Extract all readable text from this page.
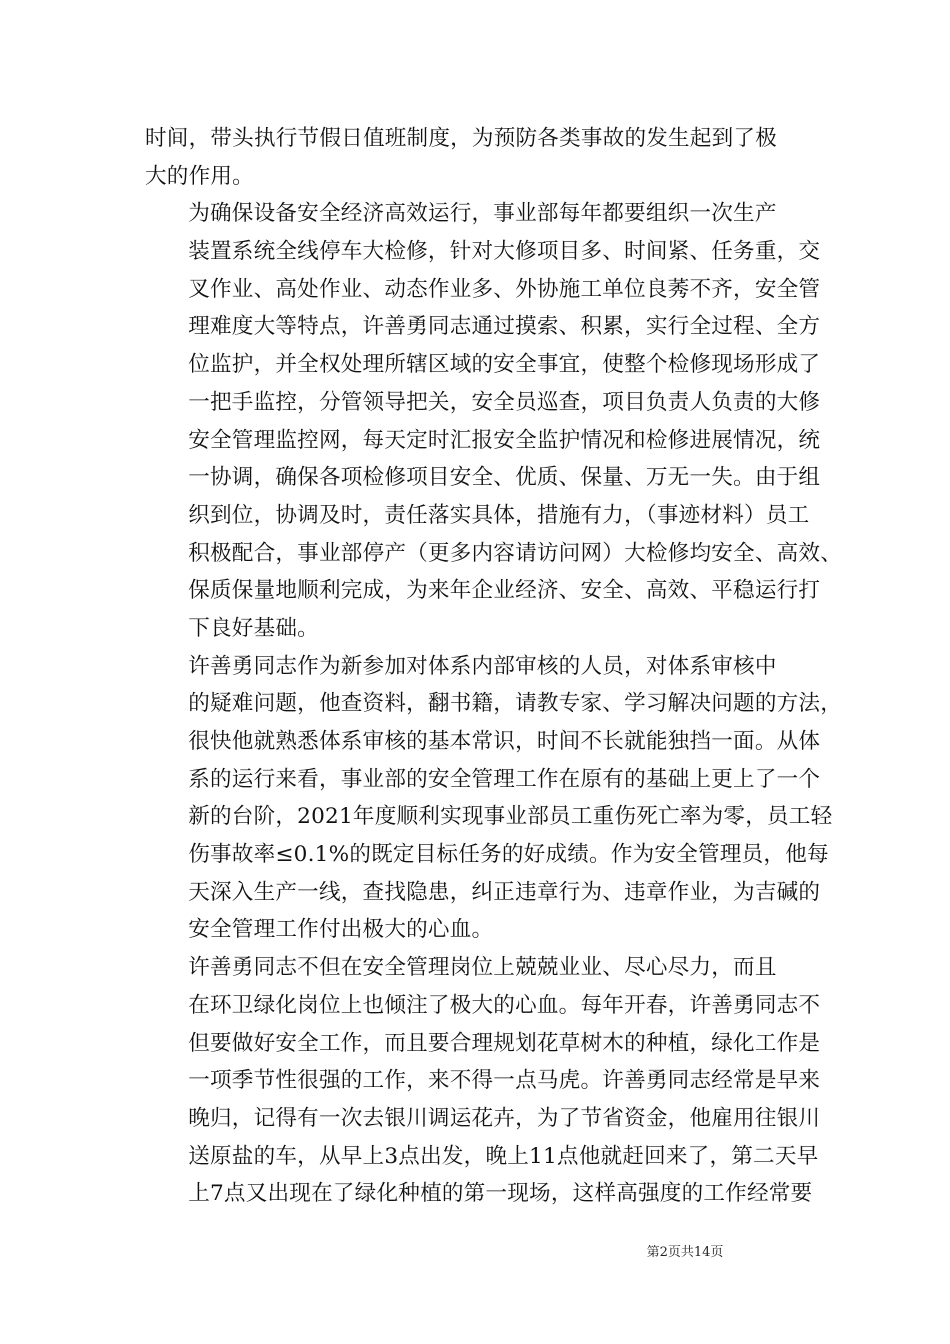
时间，带头执行节假日值班制度，为预防各类事故的发生起到了极
大的作用。

为确保设备安全经济高效运行，事业部每年都要组织一次生产
装置系统全线停车大检修，针对大修项目多、时间紧、任务重，交
叉作业、高处作业、动态作业多、外协施工单位良莠不齐，安全管
理难度大等特点，许善勇同志通过摸索、积累，实行全过程、全方
位监护，并全权处理所辖区域的安全事宜，使整个检修现场形成了
一把手监控，分管领导把关，安全员巡查，项目负责人负责的大修
安全管理监控网，每天定时汇报安全监护情况和检修进展情况，统
一协调，确保各项检修项目安全、优质、保量、万无一失。由于组
织到位，协调及时，责任落实具体，措施有力，（事迹材料）员工
积极配合，事业部停产（更多内容请访问网）大检修均安全、高效、
保质保量地顺利完成，为来年企业经济、安全、高效、平稳运行打
下良好基础。

许善勇同志作为新参加对体系内部审核的人员，对体系审核中
的疑难问题，他查资料，翻书籍，请教专家、学习解决问题的方法，
很快他就熟悉体系审核的基本常识，时间不长就能独挡一面。从体
系的运行来看，事业部的安全管理工作在原有的基础上更上了一个
新的台阶，2021年度顺利实现事业部员工重伤死亡率为零，员工轻
伤事故率≤0.1%的既定目标任务的好成绩。作为安全管理员，他每
天深入生产一线，查找隐患，纠正违章行为、违章作业，为吉碱的
安全管理工作付出极大的心血。

许善勇同志不但在安全管理岗位上兢兢业业、尽心尽力，而且
在环卫绿化岗位上也倾注了极大的心血。每年开春，许善勇同志不
但要做好安全工作，而且要合理规划花草树木的种植，绿化工作是
一项季节性很强的工作，来不得一点马虎。许善勇同志经常是早来
晚归，记得有一次去银川调运花卉，为了节省资金，他雇用往银川
送原盐的车，从早上3点出发，晚上11点他就赶回来了，第二天早
上7点又出现在了绿化种植的第一现场，这样高强度的工作经常要

第2页共14页
